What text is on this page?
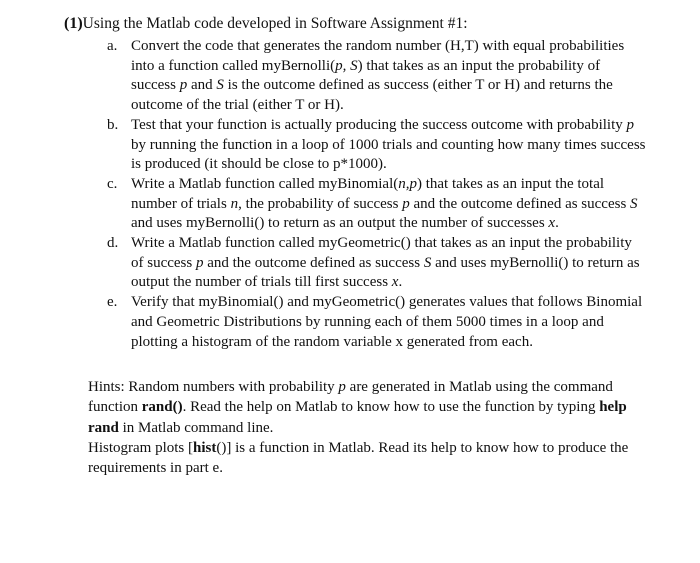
(1)Using the Matlab code developed in Software Assignment #1:
a. Convert the code that generates the random number (H,T) with equal probabilities into a function called myBernolli(p, S) that takes as an input the probability of success p and S is the outcome defined as success (either T or H) and returns the outcome of the trial (either T or H).
b. Test that your function is actually producing the success outcome with probability p by running the function in a loop of 1000 trials and counting how many times success is produced (it should be close to p*1000).
c. Write a Matlab function called myBinomial(n,p) that takes as an input the total number of trials n, the probability of success p and the outcome defined as success S and uses myBernolli() to return as an output the number of successes x.
d. Write a Matlab function called myGeometric() that takes as an input the probability of success p and the outcome defined as success S and uses myBernolli() to return as output the number of trials till first success x.
e. Verify that myBinomial() and myGeometric() generates values that follows Binomial and Geometric Distributions by running each of them 5000 times in a loop and plotting a histogram of the random variable x generated from each.

Hints: Random numbers with probability p are generated in Matlab using the command function rand(). Read the help on Matlab to know how to use the function by typing help rand in Matlab command line.

Histogram plots [hist()] is a function in Matlab. Read its help to know how to produce the requirements in part e.
